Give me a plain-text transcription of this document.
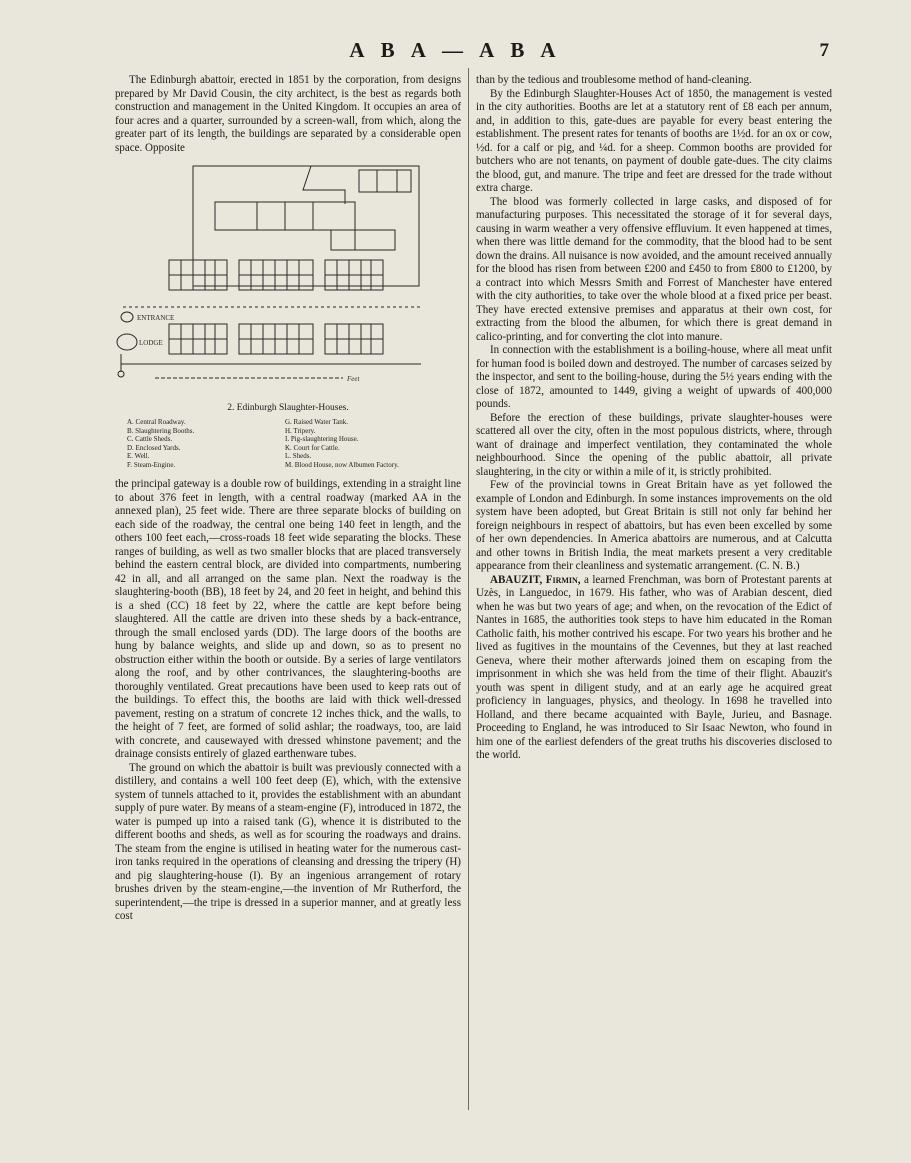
A B A — A B A	7

The Edinburgh abattoir, erected in 1851 by the corporation, from designs prepared by Mr David Cousin, the city architect, is the best as regards both construction and management in the United Kingdom. It occupies an area of four acres and a quarter, surrounded by a screen-wall, from which, along the greater part of its length, the buildings are separated by a considerable open space. Opposite

ENTRANCE
LODGE
Feet
2. Edinburgh Slaughter-Houses.
A. Central Roadway.
B. Slaughtering Booths.
C. Cattle Sheds.
D. Enclosed Yards.
E. Well.
F. Steam-Engine.
G. Raised Water Tank.
H. Tripery.
I. Pig-slaughtering House.
K. Court for Cattle.
L. Sheds.
M. Blood House, now Albumen Factory.

the principal gateway is a double row of buildings, extending in a straight line to about 376 feet in length, with a central roadway (marked AA in the annexed plan), 25 feet wide. There are three separate blocks of building on each side of the roadway, the central one being 140 feet in length, and the others 100 feet each,—cross-roads 18 feet wide separating the blocks. These ranges of building, as well as two smaller blocks that are placed transversely behind the eastern central block, are divided into compartments, numbering 42 in all, and all arranged on the same plan. Next the roadway is the slaughtering-booth (BB), 18 feet by 24, and 20 feet in height, and behind this is a shed (CC) 18 feet by 22, where the cattle are kept before being slaughtered. All the cattle are driven into these sheds by a back-entrance, through the small enclosed yards (DD). The large doors of the booths are hung by balance weights, and slide up and down, so as to present no obstruction either within the booth or outside. By a series of large ventilators along the roof, and by other contrivances, the slaughtering-booths are thoroughly ventilated. Great precautions have been used to keep rats out of the buildings. To effect this, the booths are laid with thick well-dressed pavement, resting on a stratum of concrete 12 inches thick, and the walls, to the height of 7 feet, are formed of solid ashlar; the roadways, too, are laid with concrete, and causewayed with dressed whinstone pavement; and the drainage consists entirely of glazed earthenware tubes.

The ground on which the abattoir is built was previously connected with a distillery, and contains a well 100 feet deep (E), which, with the extensive system of tunnels attached to it, provides the establishment with an abundant supply of pure water. By means of a steam-engine (F), introduced in 1872, the water is pumped up into a raised tank (G), whence it is distributed to the different booths and sheds, as well as for scouring the roadways and drains. The steam from the engine is utilised in heating water for the numerous cast-iron tanks required in the operations of cleansing and dressing the tripery (H) and pig slaughtering-house (I). By an ingenious arrangement of rotary brushes driven by the steam-engine,—the invention of Mr Rutherford, the superintendent,—the tripe is dressed in a superior manner, and at greatly less cost

than by the tedious and troublesome method of hand-cleaning.

By the Edinburgh Slaughter-Houses Act of 1850, the management is vested in the city authorities. Booths are let at a statutory rent of £8 each per annum, and, in addition to this, gate-dues are payable for every beast entering the establishment. The present rates for tenants of booths are 1½d. for an ox or cow, ½d. for a calf or pig, and ¼d. for a sheep. Common booths are provided for butchers who are not tenants, on payment of double gate-dues. The city claims the blood, gut, and manure. The tripe and feet are dressed for the trade without extra charge.

The blood was formerly collected in large casks, and disposed of for manufacturing purposes. This necessitated the storage of it for several days, causing in warm weather a very offensive effluvium. It even happened at times, when there was little demand for the commodity, that the blood had to be sent down the drains. All nuisance is now avoided, and the amount received annually for the blood has risen from between £200 and £450 to from £800 to £1200, by a contract into which Messrs Smith and Forrest of Manchester have entered with the city authorities, to take over the whole blood at a fixed price per beast. They have erected extensive premises and apparatus at their own cost, for extracting from the blood the albumen, for which there is great demand in calico-printing, and for converting the clot into manure.

In connection with the establishment is a boiling-house, where all meat unfit for human food is boiled down and destroyed. The number of carcases seized by the inspector, and sent to the boiling-house, during the 5½ years ending with the close of 1872, amounted to 1449, giving a weight of upwards of 400,000 pounds.

Before the erection of these buildings, private slaughter-houses were scattered all over the city, often in the most populous districts, where, through want of drainage and imperfect ventilation, they contaminated the whole neighbourhood. Since the opening of the public abattoir, all private slaughtering, in the city or within a mile of it, is strictly prohibited.

Few of the provincial towns in Great Britain have as yet followed the example of London and Edinburgh. In some instances improvements on the old system have been adopted, but Great Britain is still not only far behind her foreign neighbours in respect of abattoirs, but has even been excelled by some of her own dependencies. In America abattoirs are numerous, and at Calcutta and other towns in British India, the meat markets present a very creditable appearance from their cleanliness and systematic arrangement. (C. N. B.)

ABAUZIT, Firmin, a learned Frenchman, was born of Protestant parents at Uzès, in Languedoc, in 1679. His father, who was of Arabian descent, died when he was but two years of age; and when, on the revocation of the Edict of Nantes in 1685, the authorities took steps to have him educated in the Roman Catholic faith, his mother contrived his escape. For two years his brother and he lived as fugitives in the mountains of the Cevennes, but they at last reached Geneva, where their mother afterwards joined them on escaping from the imprisonment in which she was held from the time of their flight. Abauzit's youth was spent in diligent study, and at an early age he acquired great proficiency in languages, physics, and theology. In 1698 he travelled into Holland, and there became acquainted with Bayle, Jurieu, and Basnage. Proceeding to England, he was introduced to Sir Isaac Newton, who found in him one of the earliest defenders of the great truths his discoveries disclosed to the world.
